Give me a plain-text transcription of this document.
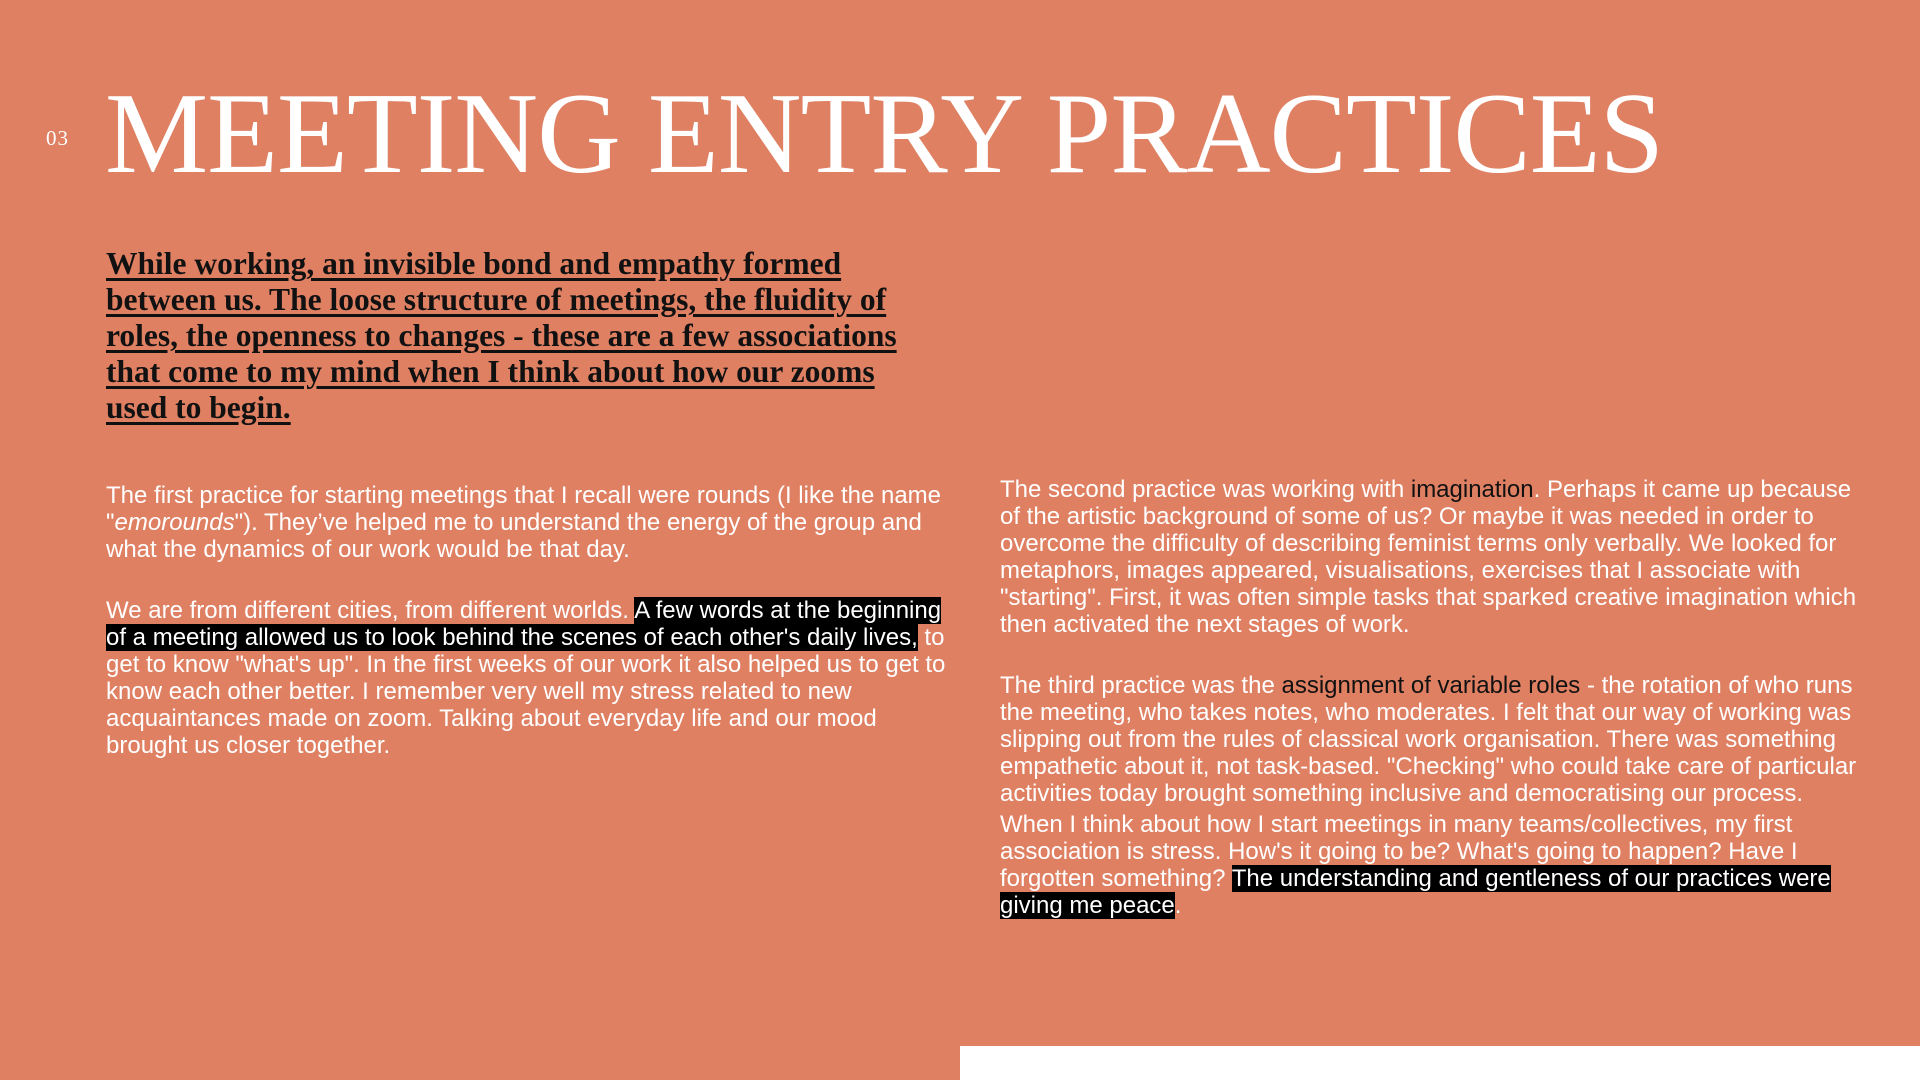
03 MEETING ENTRY PRACTICES

While working, an invisible bond and empathy formed between us. The loose structure of meetings, the fluidity of roles, the openness to changes - these are a few associations that come to my mind when I think about how our zooms used to begin.

The first practice for starting meetings that I recall were rounds (I like the name "emorounds"). They’ve helped me to understand the energy of the group and what the dynamics of our work would be that day.

We are from different cities, from different worlds. A few words at the beginning of a meeting allowed us to look behind the scenes of each other's daily lives, to get to know "what's up". In the first weeks of our work it also helped us to get to know each other better. I remember very well my stress related to new acquaintances made on zoom. Talking about everyday life and our mood brought us closer together.

The second practice was working with imagination. Perhaps it came up because of the artistic background of some of us? Or maybe it was needed in order to overcome the difficulty of describing feminist terms only verbally. We looked for metaphors, images appeared, visualisations, exercises that I associate with "starting". First, it was often simple tasks that sparked creative imagination which then activated the next stages of work.

The third practice was the assignment of variable roles - the rotation of who runs the meeting, who takes notes, who moderates. I felt that our way of working was slipping out from the rules of classical work organisation. There was something empathetic about it, not task-based. "Checking" who could take care of particular activities today brought something inclusive and democratising our process.

When I think about how I start meetings in many teams/collectives, my first association is stress. How's it going to be? What's going to happen? Have I forgotten something? The understanding and gentleness of our practices were giving me peace.
